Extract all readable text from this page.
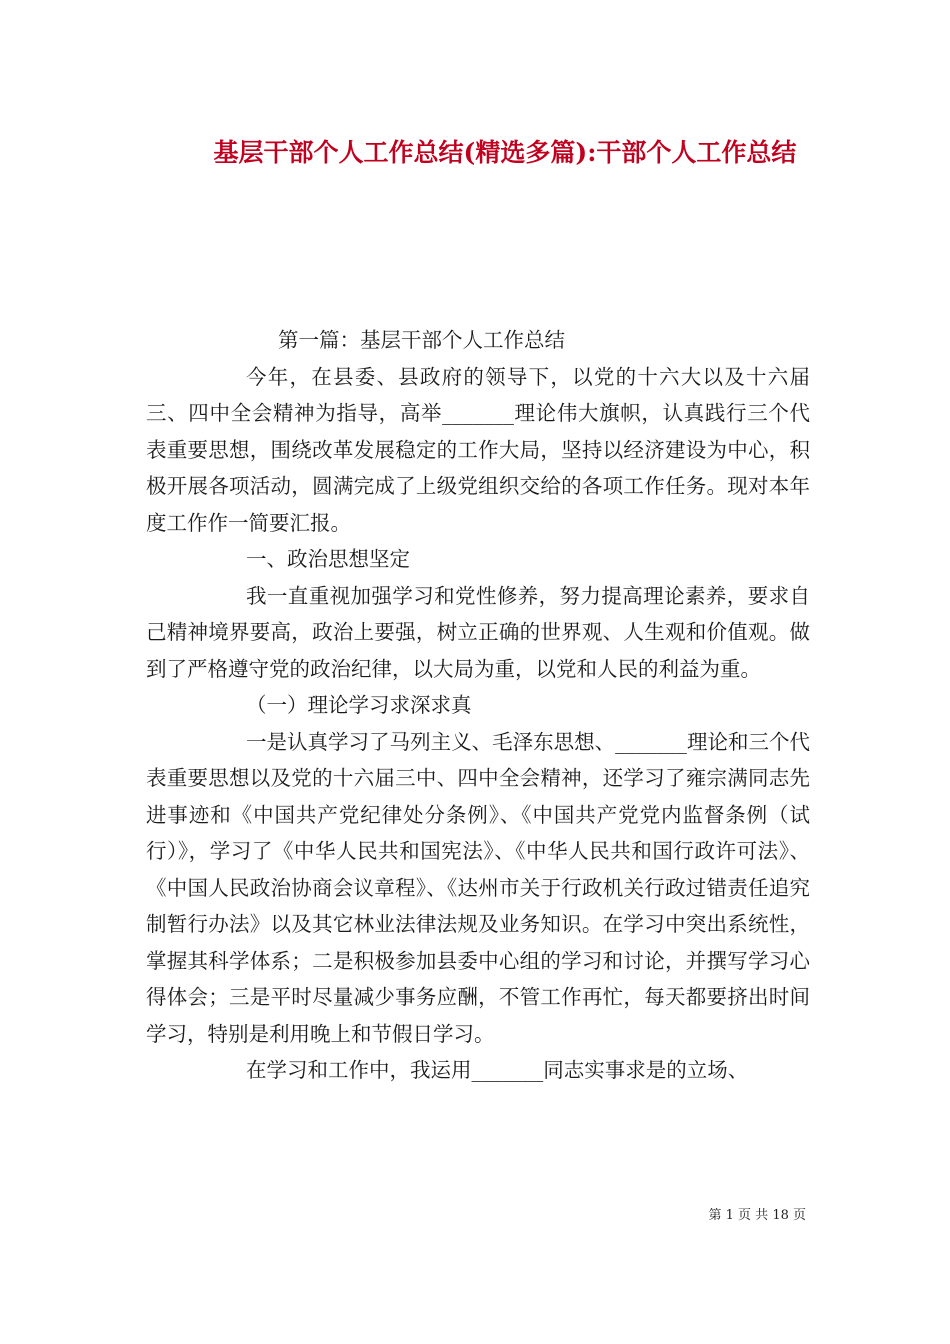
基层干部个人工作总结(精选多篇):干部个人工作总结

第一篇：基层干部个人工作总结

今年，在县委、县政府的领导下，以党的十六大以及十六届三、四中全会精神为指导，高举_______理论伟大旗帜，认真践行三个代表重要思想，围绕改革发展稳定的工作大局，坚持以经济建设为中心，积极开展各项活动，圆满完成了上级党组织交给的各项工作任务。现对本年度工作作一简要汇报。

一、政治思想坚定

我一直重视加强学习和党性修养，努力提高理论素养，要求自己精神境界要高，政治上要强，树立正确的世界观、人生观和价值观。做到了严格遵守党的政治纪律，以大局为重，以党和人民的利益为重。

（一）理论学习求深求真

一是认真学习了马列主义、毛泽东思想、_______理论和三个代表重要思想以及党的十六届三中、四中全会精神，还学习了雍宗满同志先进事迹和《中国共产党纪律处分条例》、《中国共产党党内监督条例（试行）》，学习了《中华人民共和国宪法》、《中华人民共和国行政许可法》、《中国人民政治协商会议章程》、《达州市关于行政机关行政过错责任追究制暂行办法》以及其它林业法律法规及业务知识。在学习中突出系统性，掌握其科学体系；二是积极参加县委中心组的学习和讨论，并撰写学习心得体会；三是平时尽量减少事务应酬，不管工作再忙，每天都要挤出时间学习，特别是利用晚上和节假日学习。

在学习和工作中，我运用_______同志实事求是的立场、

第 1 页 共 18 页
